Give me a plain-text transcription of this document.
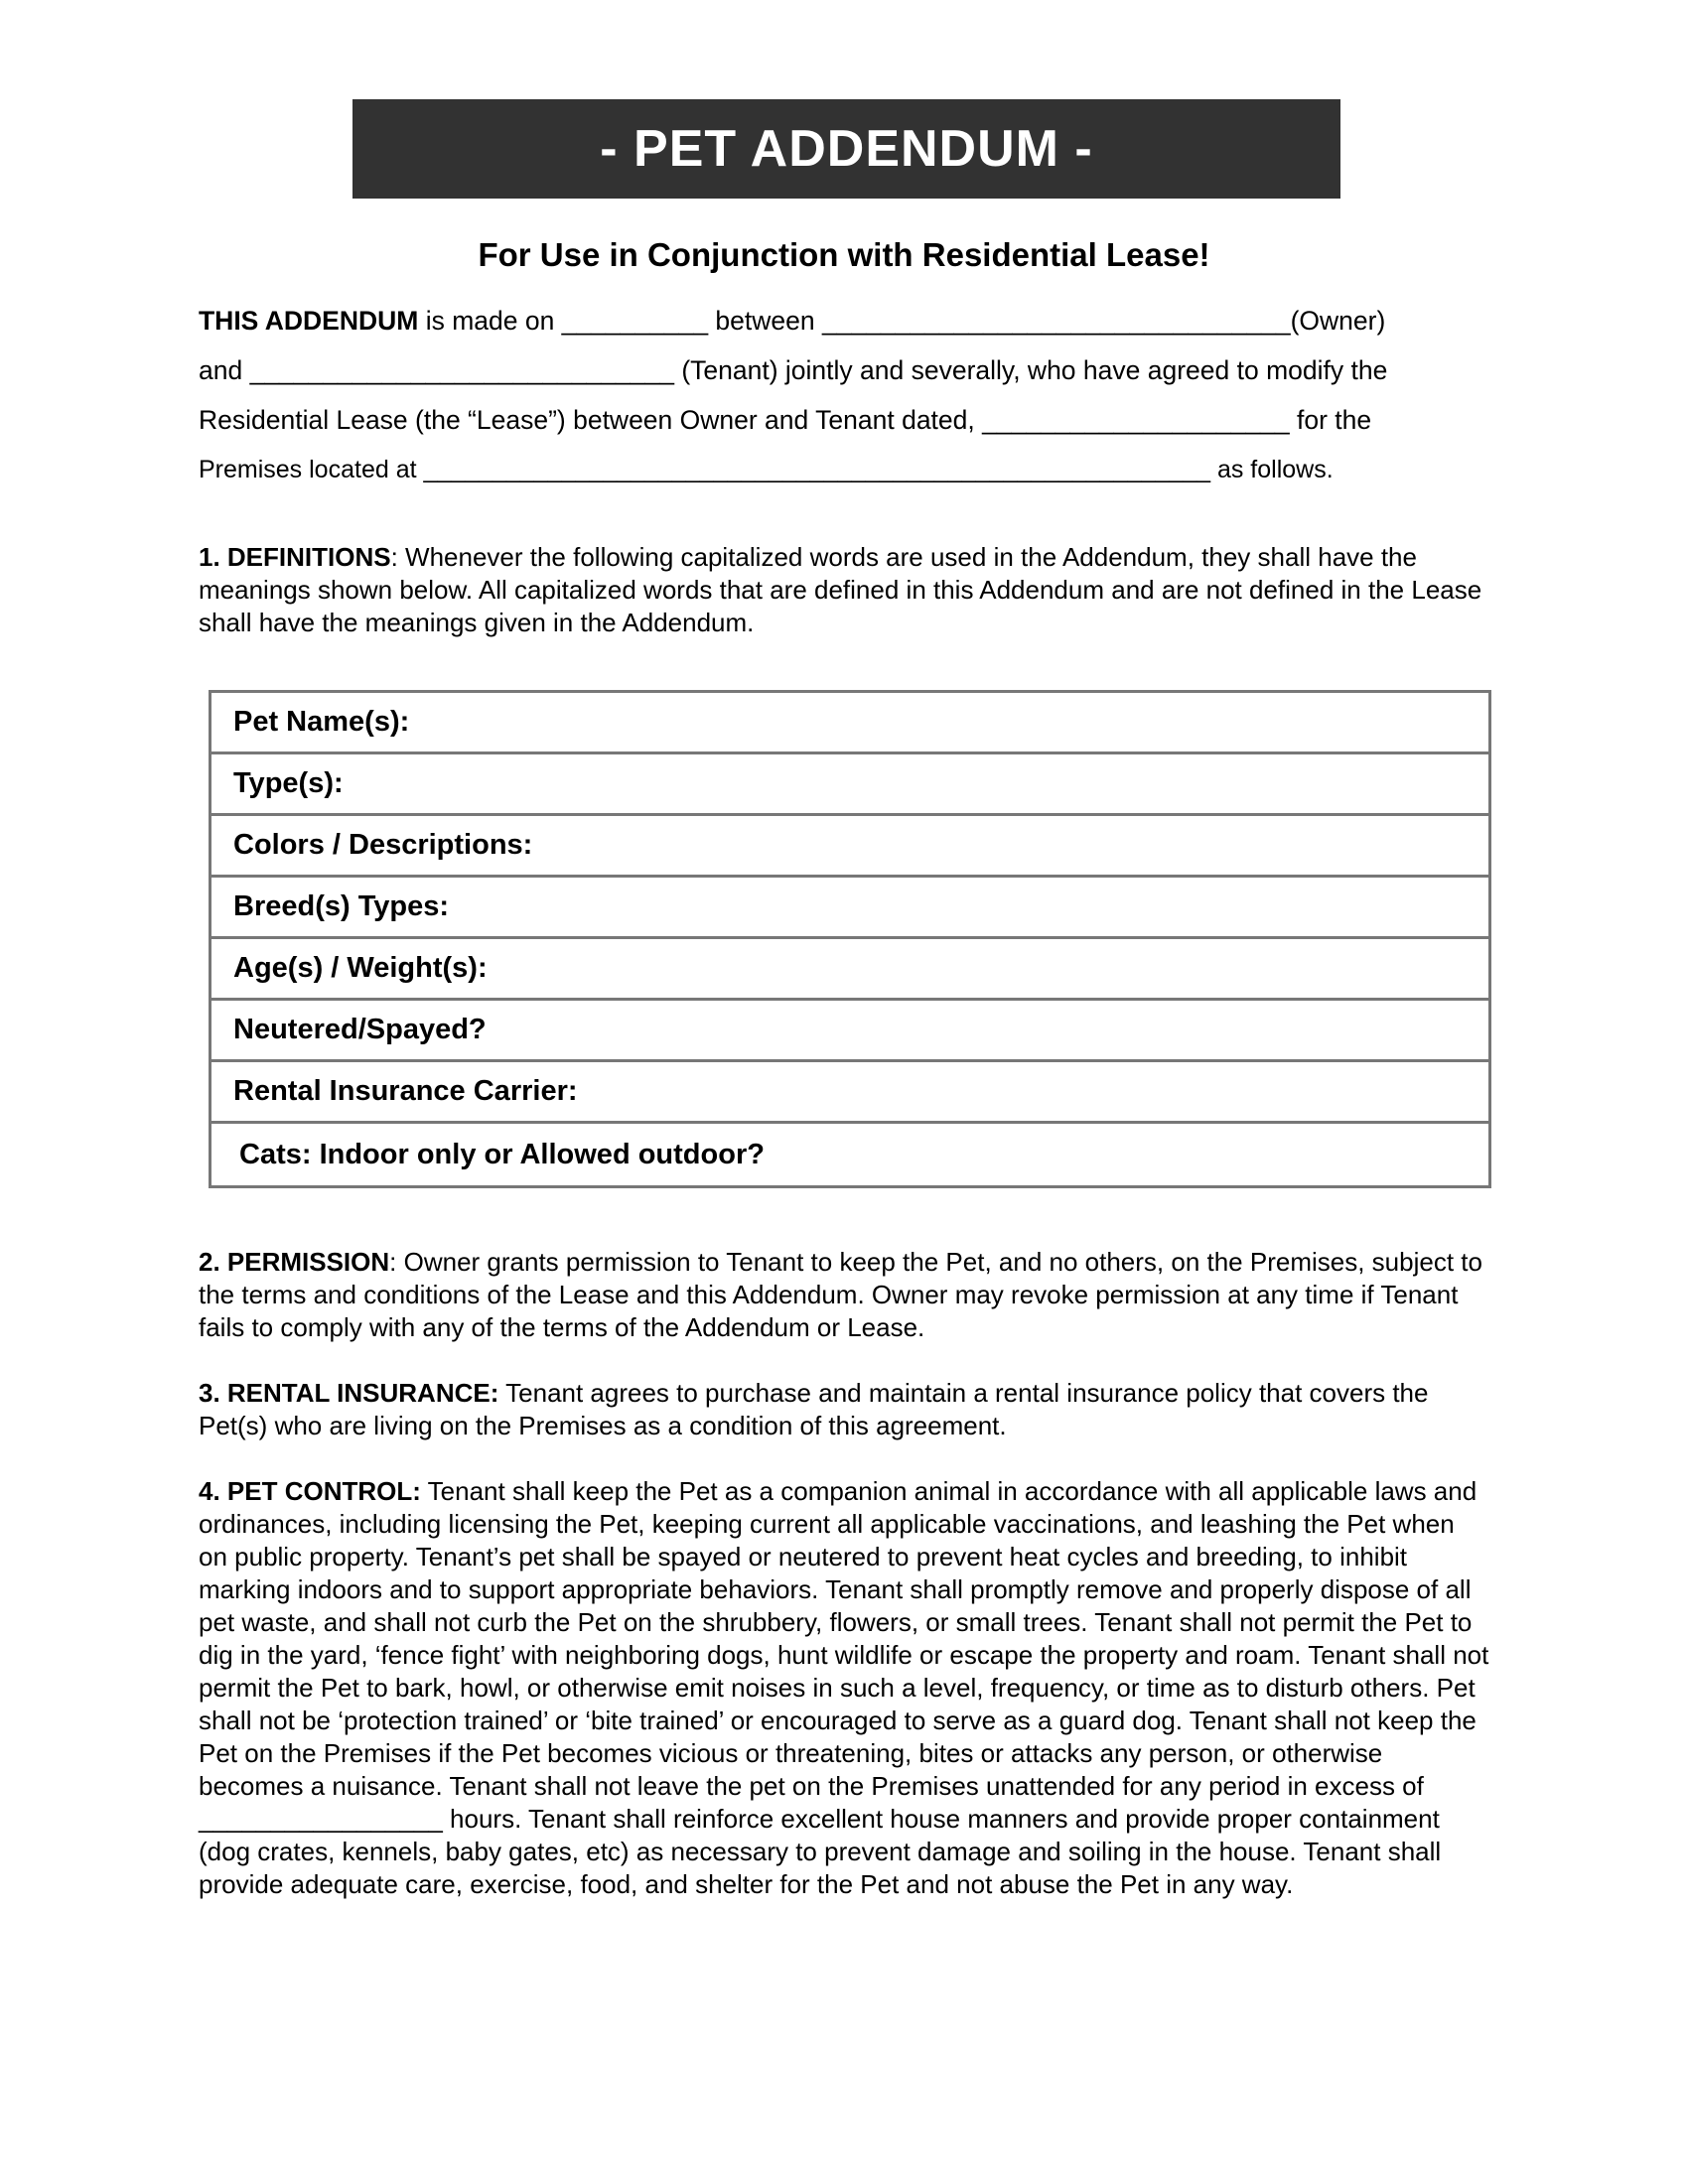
- PET ADDENDUM -
For Use in Conjunction with Residential Lease!
THIS ADDENDUM is made on __________ between ________________________________(Owner)
and _____________________________ (Tenant) jointly and severally, who have agreed to modify the
Residential Lease (the “Lease”) between Owner and Tenant dated, _____________________ for the
Premises located at _________________________________________________________ as follows.
1. DEFINITIONS: Whenever the following capitalized words are used in the Addendum, they shall have the meanings shown below. All capitalized words that are defined in this Addendum and are not defined in the Lease shall have the meanings given in the Addendum.
Pet Name(s):
Type(s):
Colors / Descriptions:
Breed(s) Types:
Age(s) / Weight(s):
Neutered/Spayed?
Rental Insurance Carrier:
Cats: Indoor only or Allowed outdoor?
2. PERMISSION: Owner grants permission to Tenant to keep the Pet, and no others, on the Premises, subject to the terms and conditions of the Lease and this Addendum. Owner may revoke permission at any time if Tenant fails to comply with any of the terms of the Addendum or Lease.
3. RENTAL INSURANCE: Tenant agrees to purchase and maintain a rental insurance policy that covers the Pet(s) who are living on the Premises as a condition of this agreement.
4. PET CONTROL: Tenant shall keep the Pet as a companion animal in accordance with all applicable laws and ordinances, including licensing the Pet, keeping current all applicable vaccinations, and leashing the Pet when on public property. Tenant’s pet shall be spayed or neutered to prevent heat cycles and breeding, to inhibit marking indoors and to support appropriate behaviors. Tenant shall promptly remove and properly dispose of all pet waste, and shall not curb the Pet on the shrubbery, flowers, or small trees. Tenant shall not permit the Pet to dig in the yard, ‘fence fight’ with neighboring dogs, hunt wildlife or escape the property and roam. Tenant shall not permit the Pet to bark, howl, or otherwise emit noises in such a level, frequency, or time as to disturb others. Pet shall not be ‘protection trained’ or ‘bite trained’ or encouraged to serve as a guard dog. Tenant shall not keep the Pet on the Premises if the Pet becomes vicious or threatening, bites or attacks any person, or otherwise becomes a nuisance. Tenant shall not leave the pet on the Premises unattended for any period in excess of _________________ hours. Tenant shall reinforce excellent house manners and provide proper containment (dog crates, kennels, baby gates, etc) as necessary to prevent damage and soiling in the house. Tenant shall provide adequate care, exercise, food, and shelter for the Pet and not abuse the Pet in any way.
